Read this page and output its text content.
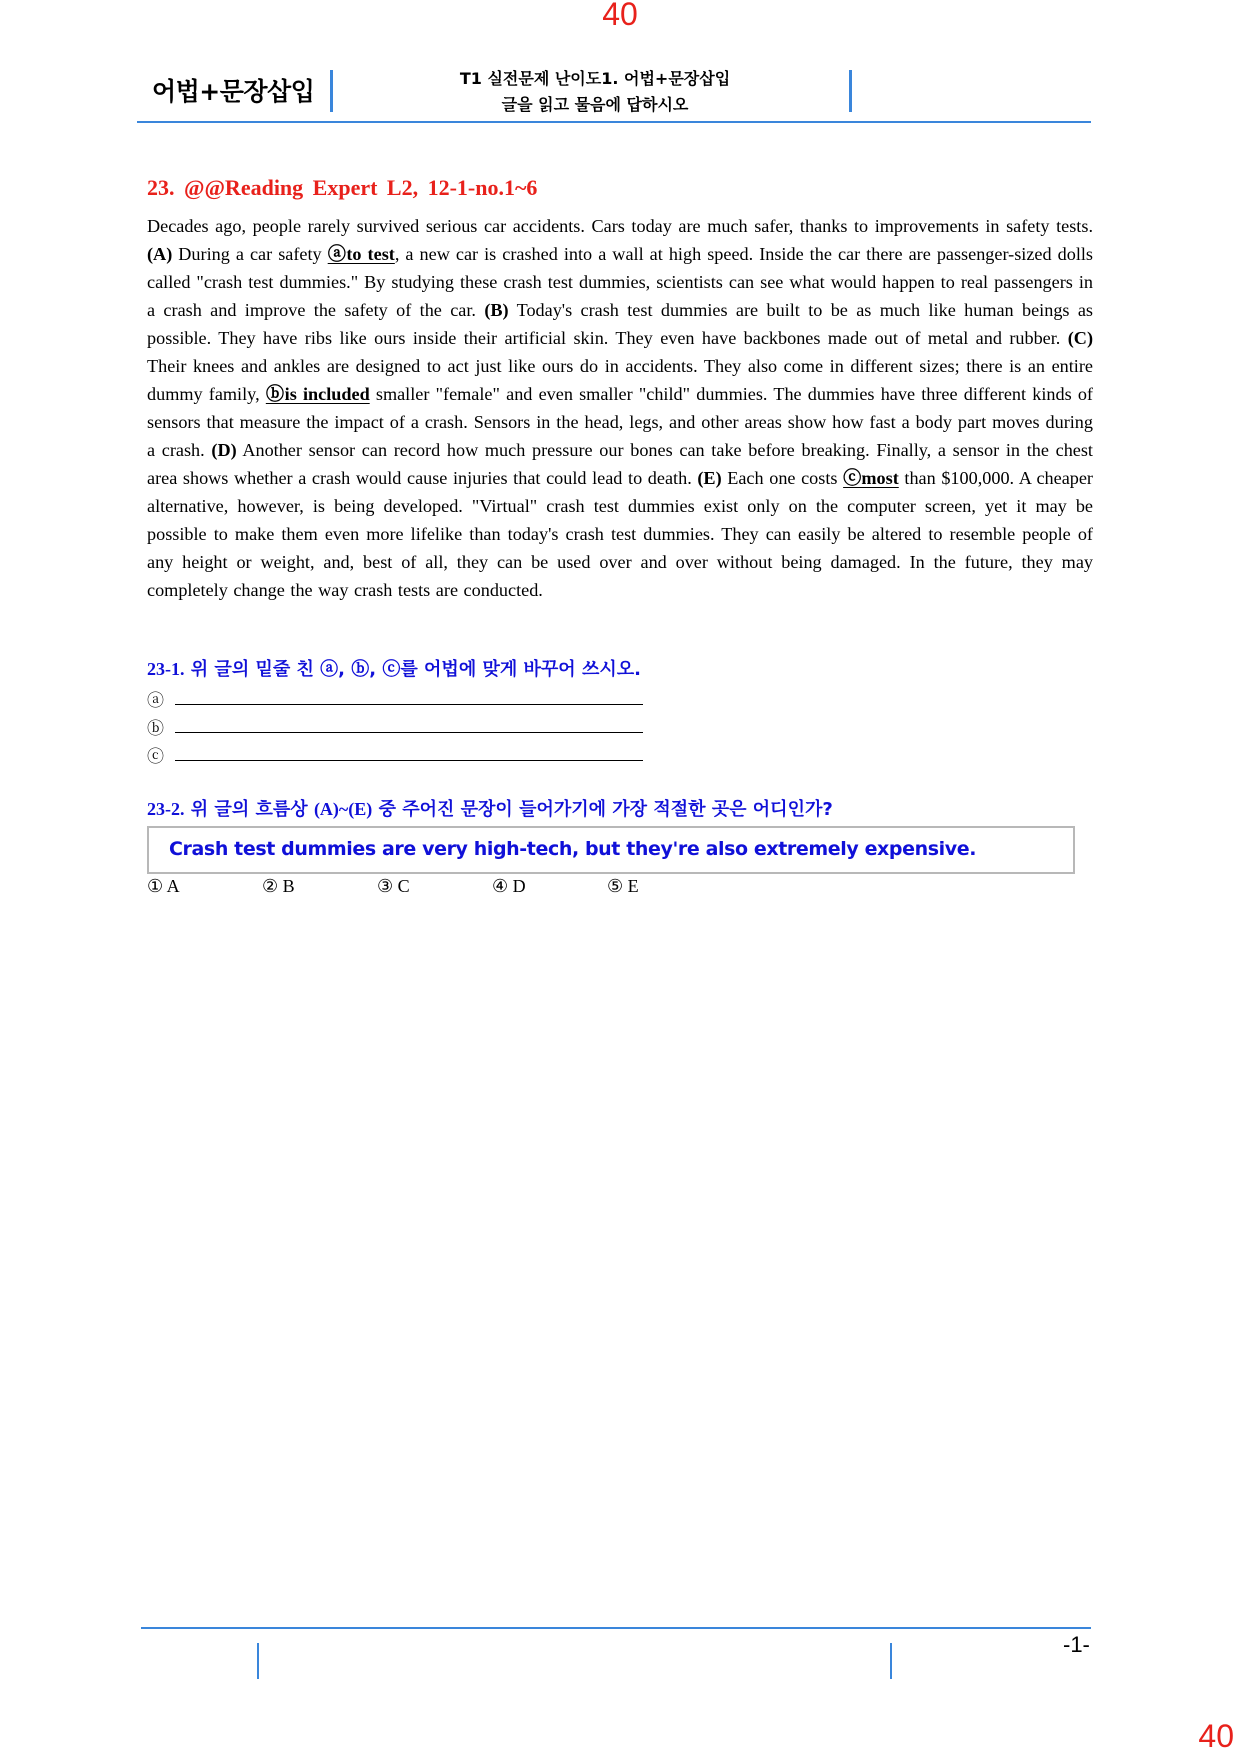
40
어법+문장삽입	T1 실전문제 난이도1. 어법+문장삽입
글을 읽고 물음에 답하시오
23. @@Reading Expert L2, 12-1-no.1~6
Decades ago, people rarely survived serious car accidents. Cars today are much safer, thanks to improvements in safety tests. (A) During a car safety ⓐto test, a new car is crashed into a wall at high speed. Inside the car there are passenger-sized dolls called "crash test dummies." By studying these crash test dummies, scientists can see what would happen to real passengers in a crash and improve the safety of the car. (B) Today's crash test dummies are built to be as much like human beings as possible. They have ribs like ours inside their artificial skin. They even have backbones made out of metal and rubber. (C) Their knees and ankles are designed to act just like ours do in accidents. They also come in different sizes; there is an entire dummy family, ⓑis included smaller "female" and even smaller "child" dummies. The dummies have three different kinds of sensors that measure the impact of a crash. Sensors in the head, legs, and other areas show how fast a body part moves during a crash. (D) Another sensor can record how much pressure our bones can take before breaking. Finally, a sensor in the chest area shows whether a crash would cause injuries that could lead to death. (E) Each one costs ⓒmost than $100,000. A cheaper alternative, however, is being developed. "Virtual" crash test dummies exist only on the computer screen, yet it may be possible to make them even more lifelike than today's crash test dummies. They can easily be altered to resemble people of any height or weight, and, best of all, they can be used over and over without being damaged. In the future, they may completely change the way crash tests are conducted.
23-1. 위 글의 밑줄 친 ⓐ, ⓑ, ⓒ를 어법에 맞게 바꾸어 쓰시오.
ⓐ
ⓑ
ⓒ
23-2. 위 글의 흐름상 (A)~(E) 중 주어진 문장이 들어가기에 가장 적절한 곳은 어디인가?
Crash test dummies are very high-tech, but they're also extremely expensive.
① A	② B	③ C	④ D	⑤ E
-1-
40
